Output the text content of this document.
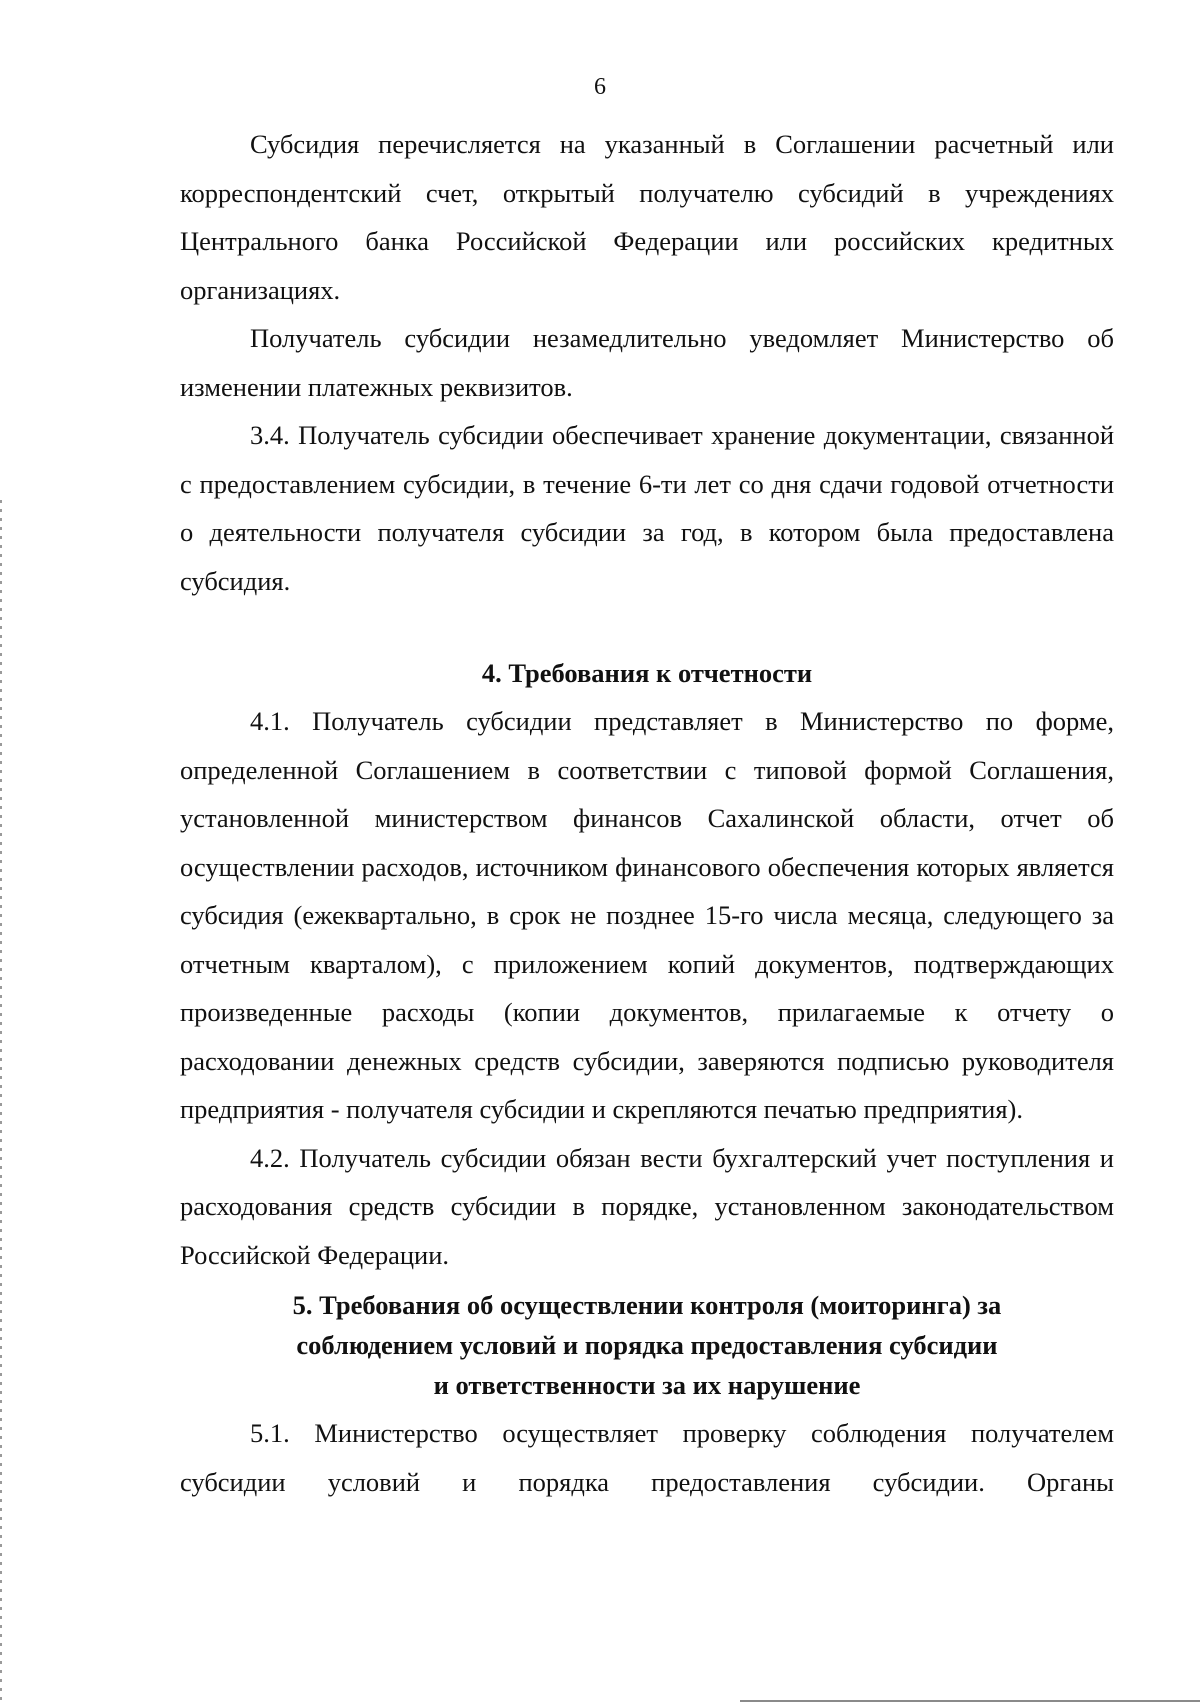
6

Субсидия перечисляется на указанный в Соглашении расчетный или корреспондентский счет, открытый получателю субсидий в учреждениях Центрального банка Российской Федерации или российских кредитных организациях.

Получатель субсидии незамедлительно уведомляет Министерство об изменении платежных реквизитов.

3.4. Получатель субсидии обеспечивает хранение документации, связанной с предоставлением субсидии, в течение 6-ти лет со дня сдачи годовой отчетности о деятельности получателя субсидии за год, в котором была предоставлена субсидия.

4. Требования к отчетности

4.1. Получатель субсидии представляет в Министерство по форме, определенной Соглашением в соответствии с типовой формой Соглашения, установленной министерством финансов Сахалинской области, отчет об осуществлении расходов, источником финансового обеспечения которых является субсидия (ежеквартально, в срок не позднее 15-го числа месяца, следующего за отчетным кварталом), с приложением копий документов, подтверждающих произведенные расходы (копии документов, прилагаемые к отчету о расходовании денежных средств субсидии, заверяются подписью руководителя предприятия - получателя субсидии и скрепляются печатью предприятия).

4.2. Получатель субсидии обязан вести бухгалтерский учет поступления и расходования средств субсидии в порядке, установленном законодательством Российской Федерации.

5. Требования об осуществлении контроля (моиторинга) за
соблюдением условий и порядка предоставления субсидии
и ответственности за их нарушение

5.1. Министерство осуществляет проверку соблюдения получателем субсидии условий и порядка предоставления субсидии. Органы
